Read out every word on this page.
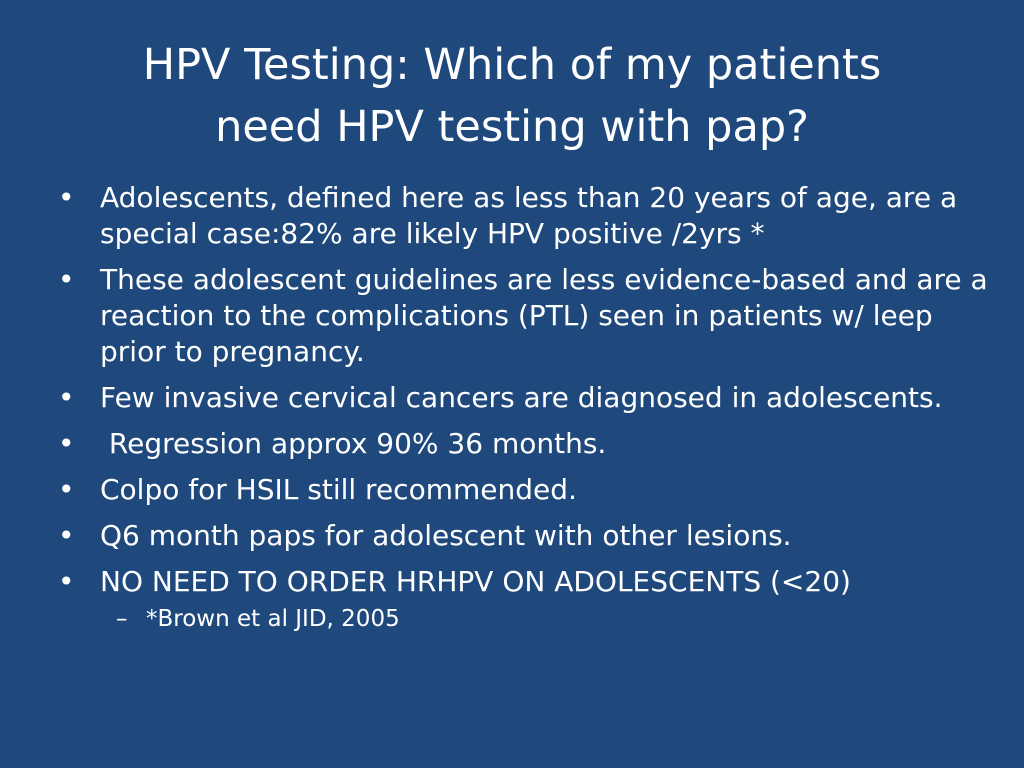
HPV Testing: Which of my patients
need HPV testing with pap?
• Adolescents, defined here as less than 20 years of age, are a special case:82% are likely HPV positive /2yrs *
• These adolescent guidelines are less evidence-based and are a reaction to the complications (PTL) seen in patients w/ leep prior to pregnancy.
• Few invasive cervical cancers are diagnosed in adolescents.
• Regression approx 90% 36 months.
• Colpo for HSIL still recommended.
• Q6 month paps for adolescent with other lesions.
• NO NEED TO ORDER HRHPV ON ADOLESCENTS (<20)
– *Brown et al JID, 2005
